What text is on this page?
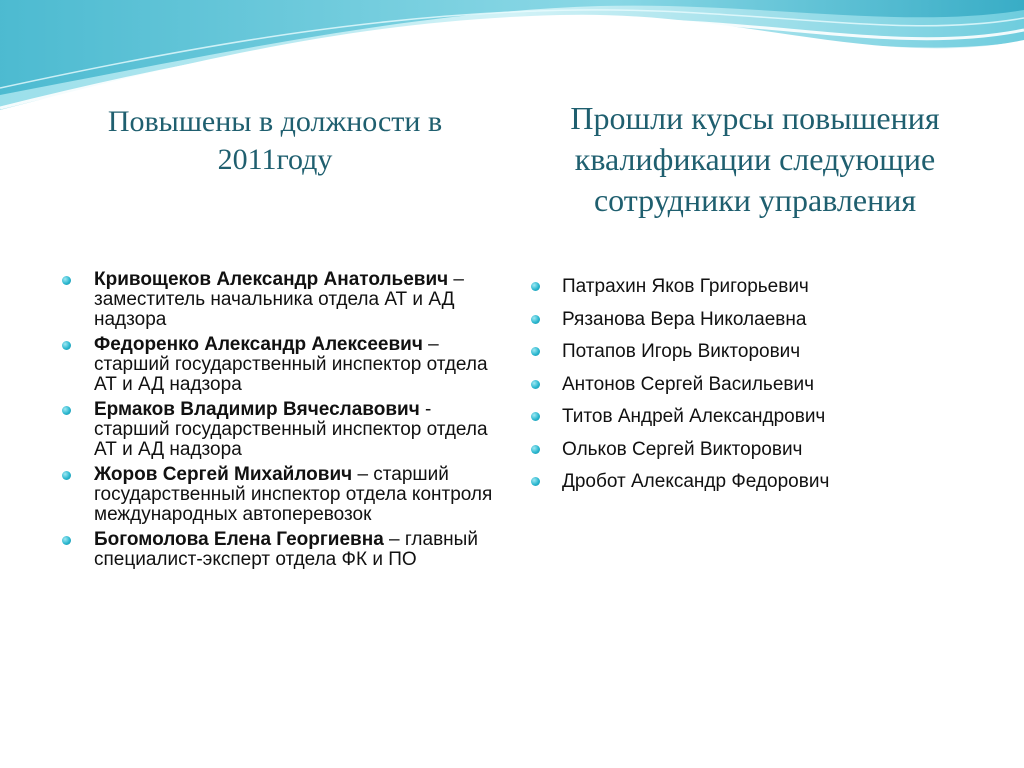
Повышены в должности в 2011году
Прошли курсы повышения квалификации следующие сотрудники управления
Кривощеков Александр Анатольевич – заместитель начальника отдела АТ и АД надзора
Федоренко Александр Алексеевич – старший государственный инспектор отдела АТ и АД надзора
Ермаков Владимир Вячеславович - старший государственный инспектор отдела АТ и АД надзора
Жоров Сергей Михайлович – старший государственный инспектор отдела контроля международных автоперевозок
Богомолова Елена Георгиевна – главный специалист-эксперт отдела ФК и ПО
Патрахин Яков Григорьевич
Рязанова Вера Николаевна
Потапов Игорь Викторович
Антонов Сергей Васильевич
Титов Андрей Александрович
Ольков Сергей Викторович
Дробот Александр Федорович
